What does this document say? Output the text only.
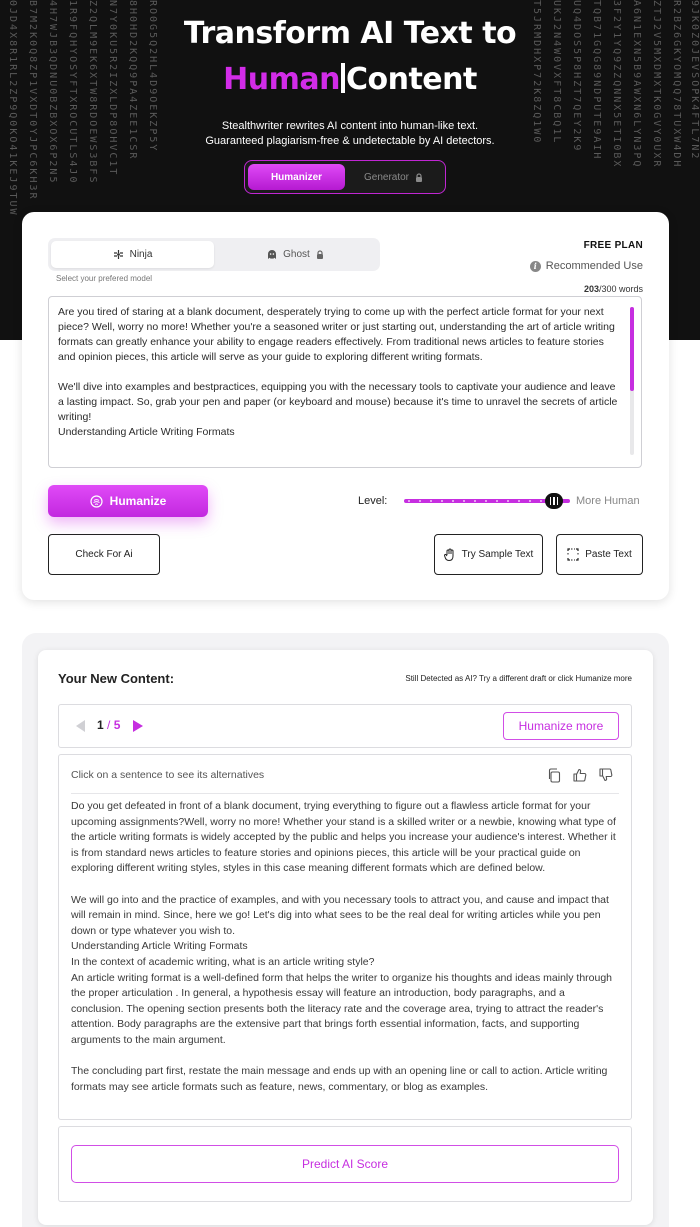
0JD4X8R1RL2ZP9Q0KO41KEJ9TUW B7M2K0Q8ZP1VXDT0YJPC6KH3R 4H7WJB3QDNU0BZBXOX6P2N5 1R9FQHYOSYFTXROCUTLS4J0 Z2QLM9EK6XTW8RDOEWS3BFS N7Y0KU5R2IZXLDP8OHVC1T 8H0HD2KQQ9PA4ZEE1CSR RO0G5Q2HL4D9OEKZP5Y	T5JRMDHXP72K8ZQ1W0 UKJ2N4W0VXFT8CBQ1L UQ4DOS5P8HZT7QEY2K9 TQB71GQG89NDPUTE9AIH 3F2Y1YQ9ZZQNNX5ETI0BX A6N1EXN5B9AWXN6LYN3PQ ZTJ2V5MXDMXTK0GVY0UXR R2BZ6GKYOMQQ78TUXW4DH 9JK0Z0JEVSOPK4FTL7N2
Transform AI Text to
Human Content
Stealthwriter rewrites AI content into human-like text.
Guaranteed plagiarism-free & undetectable by AI detectors.
Humanizer	Generator
Ninja	Ghost
Select your prefered model
FREE PLAN
i Recommended Use
203/300 words

Are you tired of staring at a blank document, desperately trying to come up with the perfect article format for your next piece? Well, worry no more! Whether you're a seasoned writer or just starting out, understanding the art of article writing formats can greatly enhance your ability to engage readers effectively. From traditional news articles to feature stories and opinion pieces, this article will serve as your guide to exploring different writing formats.

We'll dive into examples and bestpractices, equipping you with the necessary tools to captivate your audience and leave a lasting impact. So, grab your pen and paper (or keyboard and mouse) because it's time to unravel the secrets of article writing!

Understanding Article Writing Formats

Humanize	Level:	More Human
Check For Ai	Try Sample Text	Paste Text
Your New Content:	Still Detected as AI? Try a different draft or click Humanize more
1 / 5	Humanize more
Click on a sentence to see its alternatives

Do you get defeated in front of a blank document, trying everything to figure out a flawless article format for your upcoming assignments?Well, worry no more! Whether your stand is a skilled writer or a newbie, knowing what type of the article writing formats is widely accepted by the public and helps you increase your audience's interest. Whether it is from standard news articles to feature stories and opinions pieces, this article will be your practical guide on exploring different writing styles, styles in this case meaning different formats which are defined below.

We will go into and the practice of examples, and with you necessary tools to attract you, and cause and impact that will remain in mind. Since, here we go! Let's dig into what sees to be the real deal for writing articles while you pen down or type whatever you wish to.

Understanding Article Writing Formats

In the context of academic writing, what is an article writing style?

An article writing format is a well-defined form that helps the writer to organize his thoughts and ideas mainly through the proper articulation . In general, a hypothesis essay will feature an introduction, body paragraphs, and a conclusion. The opening section presents both the literacy rate and the coverage area, trying to attract the reader's attention. Body paragraphs are the extensive part that brings forth essential information, facts, and supporting arguments to the main argument.

The concluding part first, restate the main message and ends up with an opening line or call to action. Article writing formats may see article formats such as feature, news, commentary, or blog as examples.

Predict AI Score
